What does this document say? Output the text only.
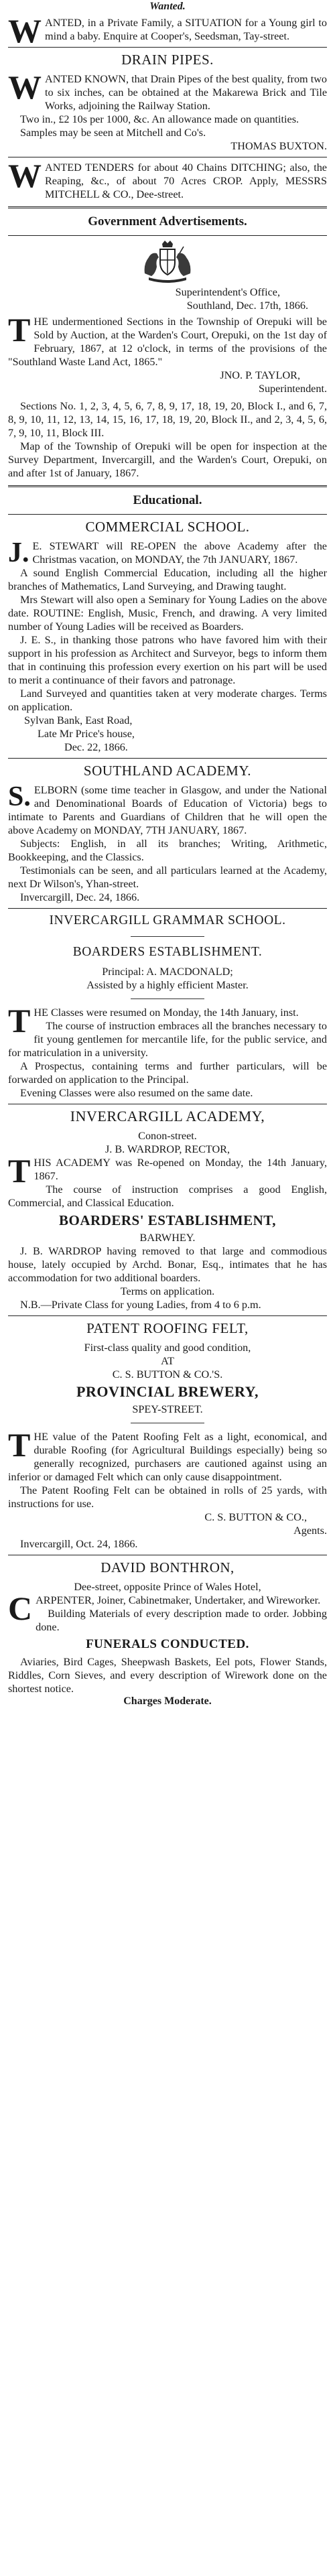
Wanted.

WANTED, in a Private Family, a SITUATION for a Young girl to mind a baby. Enquire at Cooper's, Seedsman, Tay-street.

DRAIN PIPES.

WANTED KNOWN, that Drain Pipes of the best quality, from two to six inches, can be obtained at the Makarewa Brick and Tile Works, adjoining the Railway Station.

Two in., £2 10s per 1000, &c. An allowance made on quantities.

Samples may be seen at Mitchell and Co's.

THOMAS BUXTON.

WANTED TENDERS for about 40 Chains DITCHING; also, the Reaping, &c., of about 70 Acres CROP. Apply, MESSRS MITCHELL & CO., Dee-street.

Government Advertisements.

Superintendent's Office,

Southland, Dec. 17th, 1866.

THE undermentioned Sections in the Township of Orepuki will be Sold by Auction, at the Warden's Court, Orepuki, on the 1st day of February, 1867, at 12 o'clock, in terms of the provisions of the "Southland Waste Land Act, 1865."

JNO. P. TAYLOR,

Superintendent.

Sections No. 1, 2, 3, 4, 5, 6, 7, 8, 9, 17, 18, 19, 20, Block I., and 6, 7, 8, 9, 10, 11, 12, 13, 14, 15, 16, 17, 18, 19, 20, Block II., and 2, 3, 4, 5, 6, 7, 9, 10, 11, Block III.

Map of the Township of Orepuki will be open for inspection at the Survey Department, Invercargill, and the Warden's Court, Orepuki, on and after 1st of January, 1867.

Educational.
COMMERCIAL SCHOOL.

J. E. STEWART will RE-OPEN the above Academy after the Christmas vacation, on MONDAY, the 7th JANUARY, 1867.

A sound English Commercial Education, including all the higher branches of Mathematics, Land Surveying, and Drawing taught.

Mrs Stewart will also open a Seminary for Young Ladies on the above date. ROUTINE: English, Music, French, and drawing. A very limited number of Young Ladies will be received as Boarders.

J. E. S., in thanking those patrons who have favored him with their support in his profession as Architect and Surveyor, begs to inform them that in continuing this profession every exertion on his part will be used to merit a continuance of their favors and patronage.

Land Surveyed and quantities taken at very moderate charges. Terms on application.

Sylvan Bank, East Road,

Late Mr Price's house,

Dec. 22, 1866.

SOUTHLAND ACADEMY.

S. ELBORN (some time teacher in Glasgow, and under the National and Denominational Boards of Education of Victoria) begs to intimate to Parents and Guardians of Children that he will open the above Academy on MONDAY, 7TH JANUARY, 1867.

Subjects: English, in all its branches; Writing, Arithmetic, Bookkeeping, and the Classics.

Testimonials can be seen, and all particulars learned at the Academy, next Dr Wilson's, Yhan-street.

Invercargill, Dec. 24, 1866.

INVERCARGILL GRAMMAR SCHOOL.
BOARDERS ESTABLISHMENT.

Principal: A. MACDONALD;

Assisted by a highly efficient Master.

THE Classes were resumed on Monday, the 14th January, inst.

The course of instruction embraces all the branches necessary to fit young gentlemen for mercantile life, for the public service, and for matriculation in a university.

A Prospectus, containing terms and further particulars, will be forwarded on application to the Principal.

Evening Classes were also resumed on the same date.

INVERCARGILL ACADEMY,

Conon-street.

J. B. WARDROP, RECTOR,

THIS ACADEMY was Re-opened on Monday, the 14th January, 1867.

The course of instruction comprises a good English, Commercial, and Classical Education.

BOARDERS' ESTABLISHMENT,

BARWHEY.

J. B. WARDROP having removed to that large and commodious house, lately occupied by Archd. Bonar, Esq., intimates that he has accommodation for two additional boarders.

Terms on application.

N.B.—Private Class for young Ladies, from 4 to 6 p.m.

PATENT ROOFING FELT,

First-class quality and good condition,

AT

C. S. BUTTON & CO.'S.

PROVINCIAL BREWERY,

SPEY-STREET.

THE value of the Patent Roofing Felt as a light, economical, and durable Roofing (for Agricultural Buildings especially) being so generally recognized, purchasers are cautioned against using an inferior or damaged Felt which can only cause disappointment.

The Patent Roofing Felt can be obtained in rolls of 25 yards, with instructions for use.

C. S. BUTTON & CO.,

Agents.

Invercargill, Oct. 24, 1866.

DAVID BONTHRON,

Dee-street, opposite Prince of Wales Hotel,

CARPENTER, Joiner, Cabinetmaker, Undertaker, and Wireworker.

Building Materials of every description made to order. Jobbing done.

FUNERALS CONDUCTED.

Aviaries, Bird Cages, Sheepwash Baskets, Eel pots, Flower Stands, Riddles, Corn Sieves, and every description of Wirework done on the shortest notice.

Charges Moderate.
